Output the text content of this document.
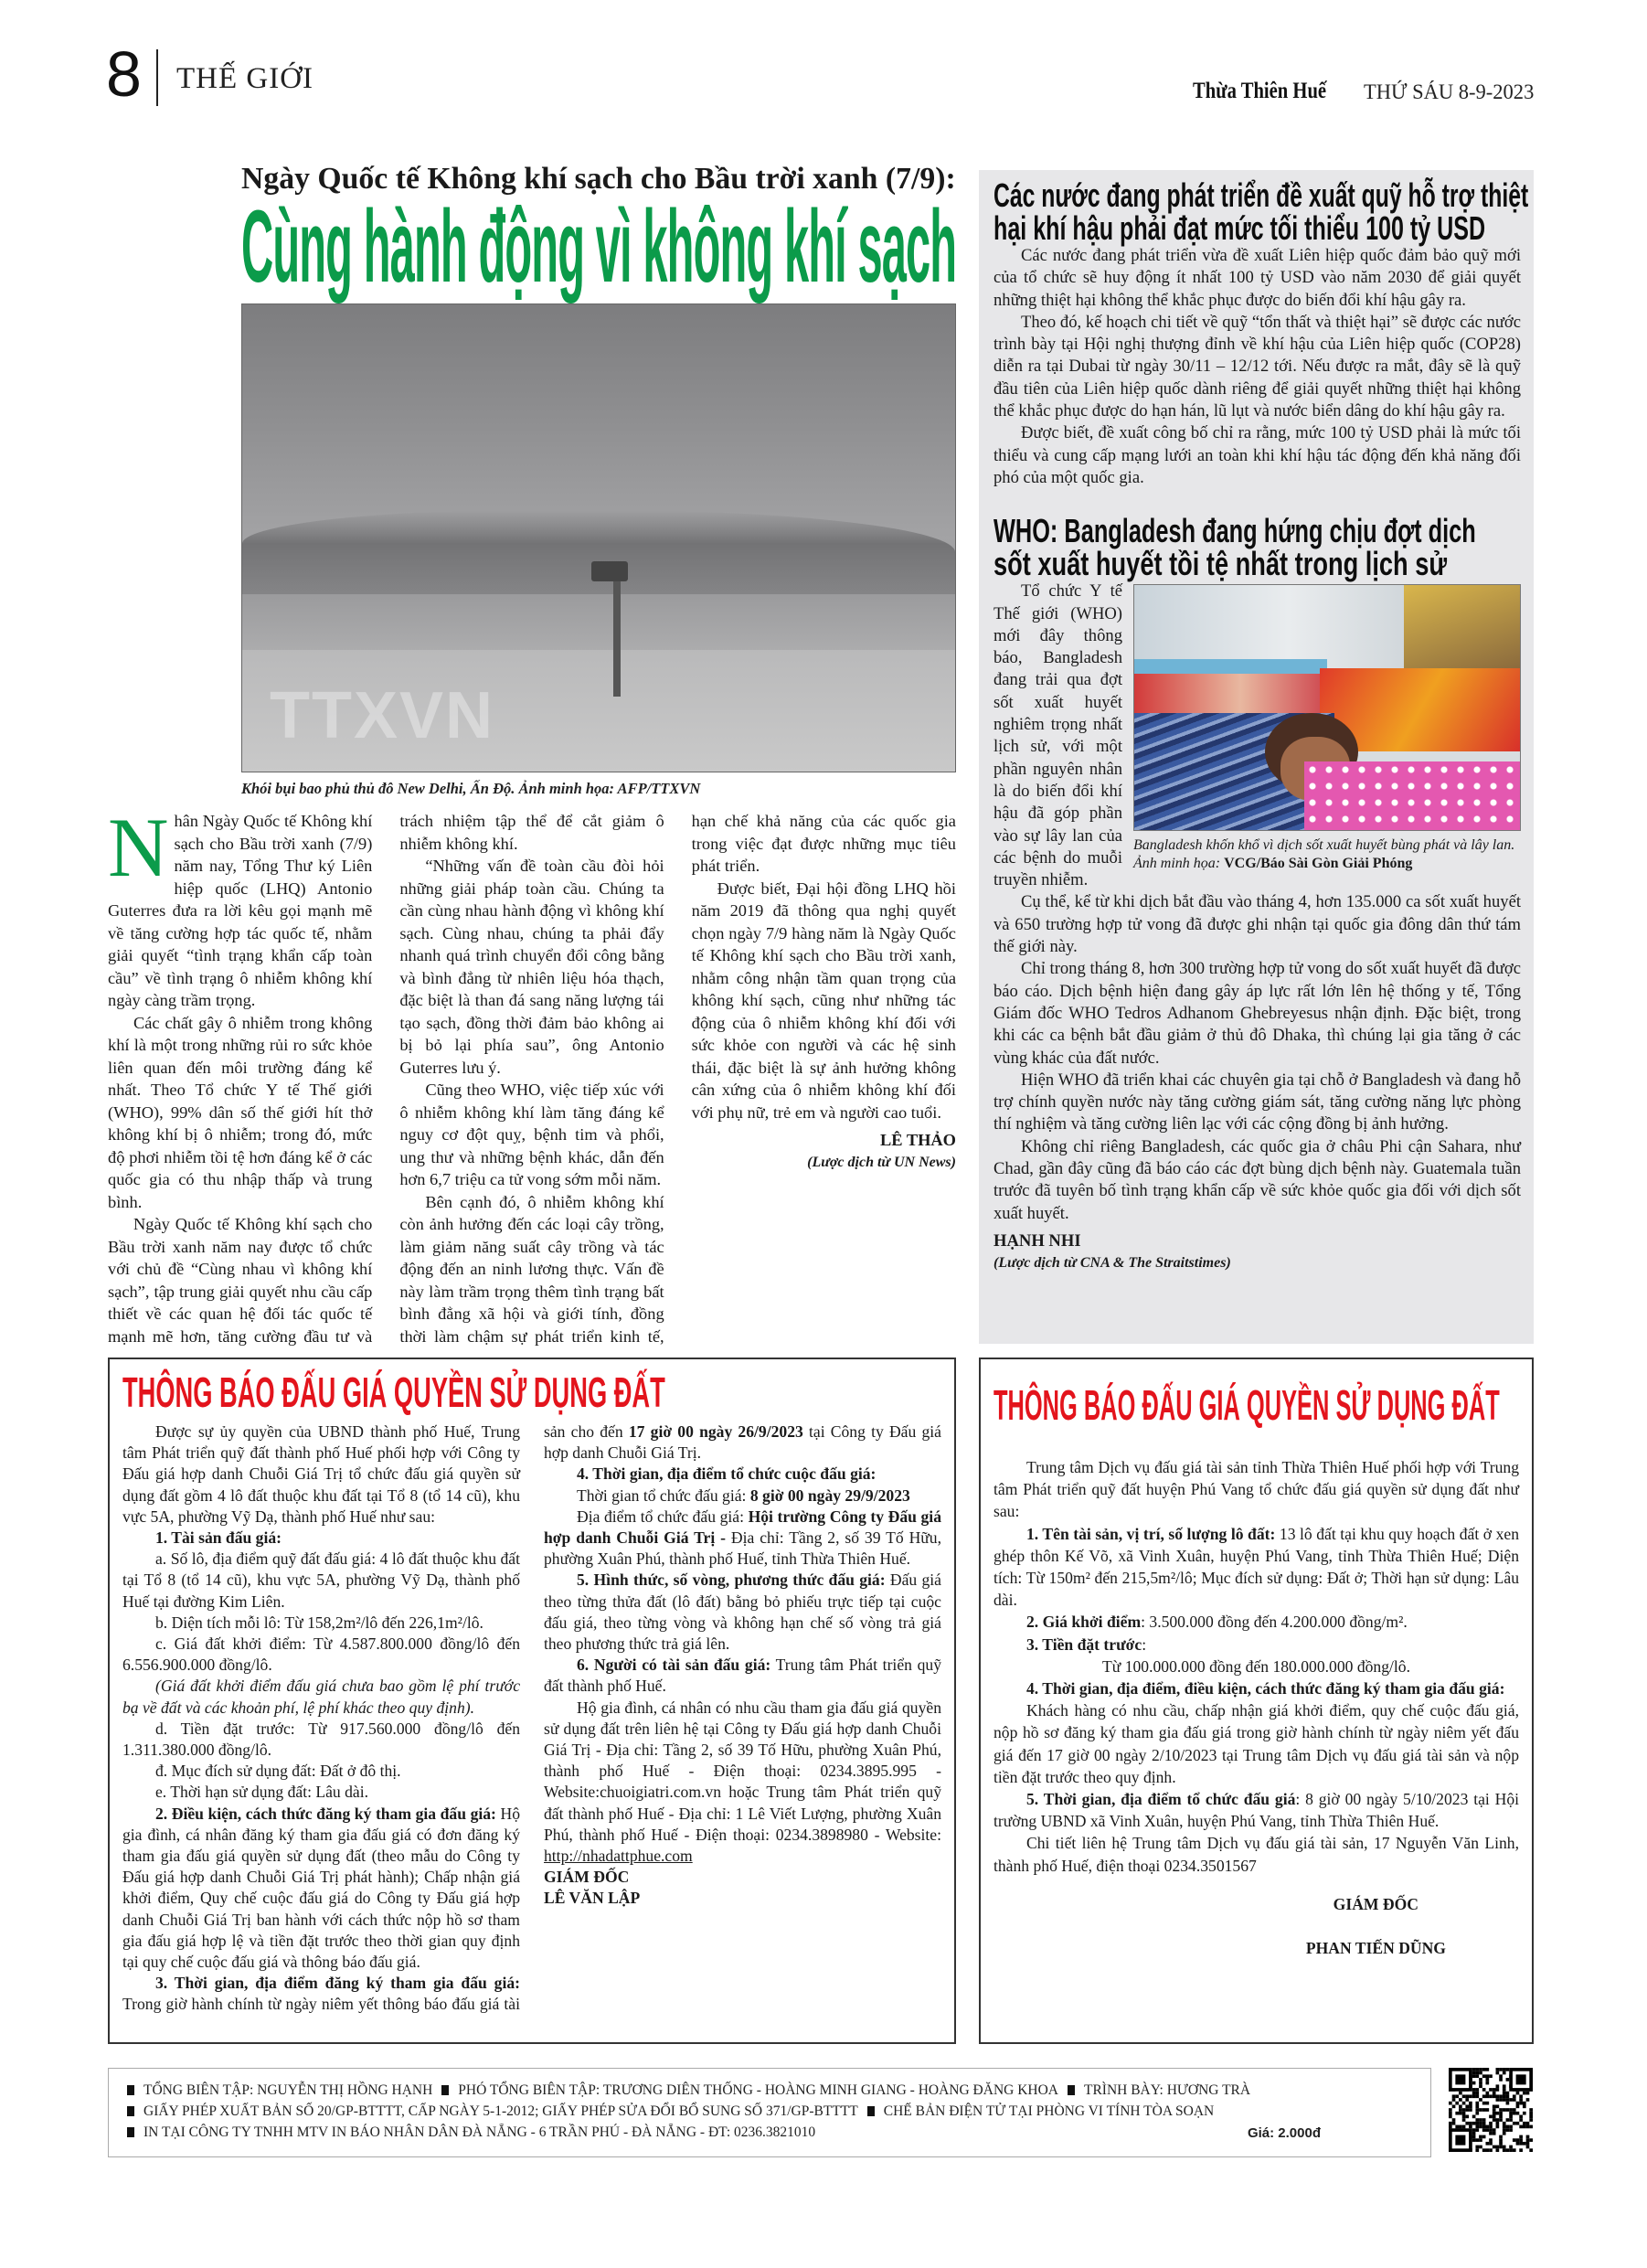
8 THẾ GIỚI	Thừa Thiên Huế	THỨ SÁU 8-9-2023
Ngày Quốc tế Không khí sạch cho Bầu trời xanh (7/9):
Cùng hành động vì không khí sạch
TTXVN
Khói bụi bao phủ thủ đô New Delhi, Ấn Độ. Ảnh minh họa: AFP/TTXVN

Nhân Ngày Quốc tế Không khí sạch cho Bầu trời xanh (7/9) năm nay, Tổng Thư ký Liên hiệp quốc (LHQ) Antonio Guterres đưa ra lời kêu gọi mạnh mẽ về tăng cường hợp tác quốc tế, nhằm giải quyết “tình trạng khẩn cấp toàn cầu” về tình trạng ô nhiễm không khí ngày càng trầm trọng.

Các chất gây ô nhiễm trong không khí là một trong những rủi ro sức khỏe liên quan đến môi trường đáng kể nhất. Theo Tổ chức Y tế Thế giới (WHO), 99% dân số thế giới hít thở không khí bị ô nhiễm; trong đó, mức độ phơi nhiễm tồi tệ hơn đáng kể ở các quốc gia có thu nhập thấp và trung bình.

Ngày Quốc tế Không khí sạch cho Bầu trời xanh năm nay được tổ chức với chủ đề “Cùng nhau vì không khí sạch”, tập trung giải quyết nhu cầu cấp thiết về các quan hệ đối tác quốc tế mạnh mẽ hơn, tăng cường đầu tư và trách nhiệm tập thể để cắt giảm ô nhiễm không khí.

“Những vấn đề toàn cầu đòi hỏi những giải pháp toàn cầu. Chúng ta cần cùng nhau hành động vì không khí sạch. Cùng nhau, chúng ta phải đẩy nhanh quá trình chuyển đổi công bằng và bình đẳng từ nhiên liệu hóa thạch, đặc biệt là than đá sang năng lượng tái tạo sạch, đồng thời đảm bảo không ai bị bỏ lại phía sau”, ông Antonio Guterres lưu ý.

Cũng theo WHO, việc tiếp xúc với ô nhiễm không khí làm tăng đáng kể nguy cơ đột quỵ, bệnh tim và phổi, ung thư và những bệnh khác, dẫn đến hơn 6,7 triệu ca tử vong sớm mỗi năm.

Bên cạnh đó, ô nhiễm không khí còn ảnh hưởng đến các loại cây trồng, làm giảm năng suất cây trồng và tác động đến an ninh lương thực. Vấn đề này làm trầm trọng thêm tình trạng bất bình đẳng xã hội và giới tính, đồng thời làm chậm sự phát triển kinh tế, hạn chế khả năng của các quốc gia trong việc đạt được những mục tiêu phát triển.

Được biết, Đại hội đồng LHQ hồi năm 2019 đã thông qua nghị quyết chọn ngày 7/9 hàng năm là Ngày Quốc tế Không khí sạch cho Bầu trời xanh, nhằm công nhận tầm quan trọng của không khí sạch, cũng như những tác động của ô nhiễm không khí đối với sức khỏe con người và các hệ sinh thái, đặc biệt là sự ảnh hưởng không cân xứng của ô nhiễm không khí đối với phụ nữ, trẻ em và người cao tuổi.

LÊ THẢO

(Lược dịch từ UN News)

Các nước đang phát triển đề xuất quỹ hỗ trợ thiệt
hại khí hậu phải đạt mức tối thiểu 100 tỷ USD

Các nước đang phát triển vừa đề xuất Liên hiệp quốc đảm bảo quỹ mới của tổ chức sẽ huy động ít nhất 100 tỷ USD vào năm 2030 để giải quyết những thiệt hại không thể khắc phục được do biến đổi khí hậu gây ra.

Theo đó, kế hoạch chi tiết về quỹ “tổn thất và thiệt hại” sẽ được các nước trình bày tại Hội nghị thượng đỉnh về khí hậu của Liên hiệp quốc (COP28) diễn ra tại Dubai từ ngày 30/11 – 12/12 tới. Nếu được ra mắt, đây sẽ là quỹ đầu tiên của Liên hiệp quốc dành riêng để giải quyết những thiệt hại không thể khắc phục được do hạn hán, lũ lụt và nước biển dâng do khí hậu gây ra.

Được biết, đề xuất công bố chỉ ra rằng, mức 100 tỷ USD phải là mức tối thiểu và cung cấp mạng lưới an toàn khi khí hậu tác động đến khả năng đối phó của một quốc gia.

WHO: Bangladesh đang hứng chịu đợt dịch
sốt xuất huyết tồi tệ nhất trong lịch sử
Bangladesh khốn khổ vì dịch sốt xuất huyết bùng phát và lây lan. Ảnh minh họa: VCG/Báo Sài Gòn Giải Phóng

Tổ chức Y tế Thế giới (WHO) mới đây thông báo, Bangladesh đang trải qua đợt sốt xuất huyết nghiêm trọng nhất lịch sử, với một phần nguyên nhân là do biến đổi khí hậu đã góp phần vào sự lây lan của các bệnh do muỗi truyền nhiễm.

Cụ thể, kể từ khi dịch bắt đầu vào tháng 4, hơn 135.000 ca sốt xuất huyết và 650 trường hợp tử vong đã được ghi nhận tại quốc gia đông dân thứ tám thế giới này.

Chỉ trong tháng 8, hơn 300 trường hợp tử vong do sốt xuất huyết đã được báo cáo. Dịch bệnh hiện đang gây áp lực rất lớn lên hệ thống y tế, Tổng Giám đốc WHO Tedros Adhanom Ghebreyesus nhận định. Đặc biệt, trong khi các ca bệnh bắt đầu giảm ở thủ đô Dhaka, thì chúng lại gia tăng ở các vùng khác của đất nước.

Hiện WHO đã triển khai các chuyên gia tại chỗ ở Bangladesh và đang hỗ trợ chính quyền nước này tăng cường giám sát, tăng cường năng lực phòng thí nghiệm và tăng cường liên lạc với các cộng đồng bị ảnh hưởng.

Không chỉ riêng Bangladesh, các quốc gia ở châu Phi cận Sahara, như Chad, gần đây cũng đã báo cáo các đợt bùng dịch bệnh này. Guatemala tuần trước đã tuyên bố tình trạng khẩn cấp về sức khỏe quốc gia đối với dịch sốt xuất huyết.

HẠNH NHI

(Lược dịch từ CNA & The Straitstimes)

THÔNG BÁO ĐẤU GIÁ QUYỀN SỬ DỤNG ĐẤT

Được sự ủy quyền của UBND thành phố Huế, Trung tâm Phát triển quỹ đất thành phố Huế phối hợp với Công ty Đấu giá hợp danh Chuỗi Giá Trị tổ chức đấu giá quyền sử dụng đất gồm 4 lô đất thuộc khu đất tại Tổ 8 (tổ 14 cũ), khu vực 5A, phường Vỹ Dạ, thành phố Huế như sau:

1. Tài sản đấu giá:

a. Số lô, địa điểm quỹ đất đấu giá: 4 lô đất thuộc khu đất tại Tổ 8 (tổ 14 cũ), khu vực 5A, phường Vỹ Dạ, thành phố Huế tại đường Kim Liên.

b. Diện tích mỗi lô: Từ 158,2m²/lô đến 226,1m²/lô.

c. Giá đất khởi điểm: Từ 4.587.800.000 đồng/lô đến 6.556.900.000 đồng/lô.

(Giá đất khởi điểm đấu giá chưa bao gồm lệ phí trước bạ về đất và các khoản phí, lệ phí khác theo quy định).

d. Tiền đặt trước: Từ 917.560.000 đồng/lô đến 1.311.380.000 đồng/lô.

đ. Mục đích sử dụng đất: Đất ở đô thị.

e. Thời hạn sử dụng đất: Lâu dài.

2. Điều kiện, cách thức đăng ký tham gia đấu giá: Hộ gia đình, cá nhân đăng ký tham gia đấu giá có đơn đăng ký tham gia đấu giá quyền sử dụng đất (theo mẫu do Công ty Đấu giá hợp danh Chuỗi Giá Trị phát hành); Chấp nhận giá khởi điểm, Quy chế cuộc đấu giá do Công ty Đấu giá hợp danh Chuỗi Giá Trị ban hành với cách thức nộp hồ sơ tham gia đấu giá hợp lệ và tiền đặt trước theo thời gian quy định tại quy chế cuộc đấu giá và thông báo đấu giá.

3. Thời gian, địa điểm đăng ký tham gia đấu giá: Trong giờ hành chính từ ngày niêm yết thông báo đấu giá tài sản cho đến 17 giờ 00 ngày 26/9/2023 tại Công ty Đấu giá hợp danh Chuỗi Giá Trị.

4. Thời gian, địa điểm tổ chức cuộc đấu giá:

Thời gian tổ chức đấu giá: 8 giờ 00 ngày 29/9/2023

Địa điểm tổ chức đấu giá: Hội trường Công ty Đấu giá hợp danh Chuỗi Giá Trị - Địa chỉ: Tầng 2, số 39 Tố Hữu, phường Xuân Phú, thành phố Huế, tỉnh Thừa Thiên Huế.

5. Hình thức, số vòng, phương thức đấu giá: Đấu giá theo từng thửa đất (lô đất) bằng bỏ phiếu trực tiếp tại cuộc đấu giá, theo từng vòng và không hạn chế số vòng trả giá theo phương thức trả giá lên.

6. Người có tài sản đấu giá: Trung tâm Phát triển quỹ đất thành phố Huế.

Hộ gia đình, cá nhân có nhu cầu tham gia đấu giá quyền sử dụng đất trên liên hệ tại Công ty Đấu giá hợp danh Chuỗi Giá Trị - Địa chỉ: Tầng 2, số 39 Tố Hữu, phường Xuân Phú, thành phố Huế - Điện thoại: 0234.3895.995 - Website:chuoigiatri.com.vn hoặc Trung tâm Phát triển quỹ đất thành phố Huế - Địa chỉ: 1 Lê Viết Lượng, phường Xuân Phú, thành phố Huế - Điện thoại: 0234.3898980 - Website: http://nhadattphue.com

GIÁM ĐỐC

LÊ VĂN LẬP

THÔNG BÁO ĐẤU GIÁ QUYỀN SỬ DỤNG ĐẤT

Trung tâm Dịch vụ đấu giá tài sản tỉnh Thừa Thiên Huế phối hợp với Trung tâm Phát triển quỹ đất huyện Phú Vang tổ chức đấu giá quyền sử dụng đất như sau:

1. Tên tài sản, vị trí, số lượng lô đất: 13 lô đất tại khu quy hoạch đất ở xen ghép thôn Kế Võ, xã Vinh Xuân, huyện Phú Vang, tỉnh Thừa Thiên Huế; Diện tích: Từ 150m² đến 215,5m²/lô; Mục đích sử dụng: Đất ở; Thời hạn sử dụng: Lâu dài.

2. Giá khởi điểm: 3.500.000 đồng đến 4.200.000 đồng/m².

3. Tiền đặt trước:

Từ 100.000.000 đồng đến 180.000.000 đồng/lô.

4. Thời gian, địa điểm, điều kiện, cách thức đăng ký tham gia đấu giá:

Khách hàng có nhu cầu, chấp nhận giá khởi điểm, quy chế cuộc đấu giá, nộp hồ sơ đăng ký tham gia đấu giá trong giờ hành chính từ ngày niêm yết đấu giá đến 17 giờ 00 ngày 2/10/2023 tại Trung tâm Dịch vụ đấu giá tài sản và nộp tiền đặt trước theo quy định.

5. Thời gian, địa điểm tổ chức đấu giá: 8 giờ 00 ngày 5/10/2023 tại Hội trường UBND xã Vinh Xuân, huyện Phú Vang, tỉnh Thừa Thiên Huế.

Chi tiết liên hệ Trung tâm Dịch vụ đấu giá tài sản, 17 Nguyễn Văn Linh, thành phố Huế, điện thoại 0234.3501567

GIÁM ĐỐC

PHAN TIẾN DŨNG

TỔNG BIÊN TẬP: NGUYỄN THỊ HỒNG HẠNH PHÓ TỔNG BIÊN TẬP: TRƯƠNG DIÊN THỐNG - HOÀNG MINH GIANG - HOÀNG ĐĂNG KHOA TRÌNH BÀY: HƯƠNG TRÀ
GIẤY PHÉP XUẤT BẢN SỐ 20/GP-BTTTT, CẤP NGÀY 5-1-2012; GIẤY PHÉP SỬA ĐỔI BỔ SUNG SỐ 371/GP-BTTTT CHẾ BẢN ĐIỆN TỬ TẠI PHÒNG VI TÍNH TÒA SOẠN
IN TẠI CÔNG TY TNHH MTV IN BÁO NHÂN DÂN ĐÀ NẴNG - 6 TRẦN PHÚ - ĐÀ NẴNG - ĐT: 0236.3821010	Giá: 2.000đ
